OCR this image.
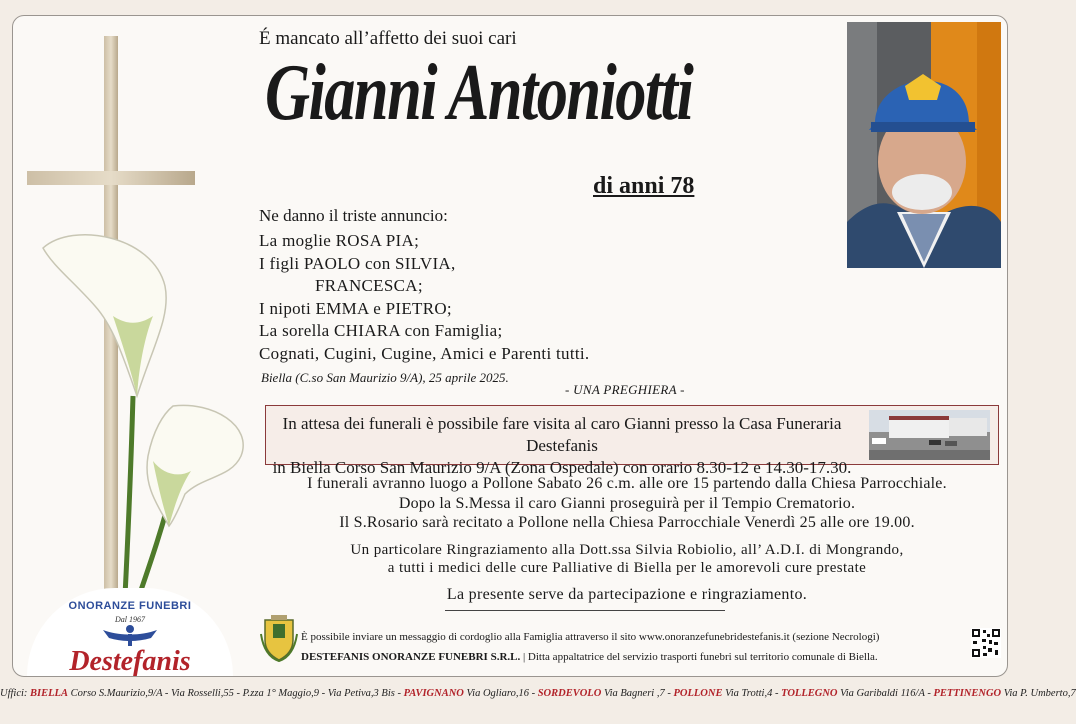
É mancato all’affetto dei suoi cari
Gianni Antoniotti
di anni 78
Ne danno il triste annuncio:
La moglie ROSA PIA;
I figli PAOLO con SILVIA,
FRANCESCA;
I nipoti EMMA e PIETRO;
La sorella CHIARA con Famiglia;
Cognati, Cugini, Cugine, Amici e Parenti tutti.
Biella (C.so San Maurizio 9/A), 25 aprile 2025.
- UNA PREGHIERA -
In attesa dei funerali è possibile fare visita al caro Gianni presso la Casa Funeraria Destefanis
in Biella Corso San Maurizio 9/A (Zona Ospedale) con orario 8.30-12 e 14.30-17.30.
I funerali avranno luogo a Pollone Sabato 26 c.m. alle ore 15 partendo dalla Chiesa Parrocchiale.
Dopo la S.Messa il caro Gianni proseguirà per il Tempio Crematorio.
Il S.Rosario sarà recitato a Pollone nella Chiesa Parrocchiale Venerdì 25 alle ore 19.00.
Un particolare Ringraziamento alla Dott.ssa Silvia Robiolio, all’ A.D.I. di Mongrando,
a tutti i medici delle cure Palliative di Biella per le amorevoli cure prestate
La presente serve da partecipazione e ringraziamento.
È possibile inviare un messaggio di cordoglio alla Famiglia attraverso il sito www.onoranzefunebridestefanis.it (sezione Necrologi)
DESTEFANIS ONORANZE FUNEBRI S.R.L. | Ditta appaltatrice del servizio trasporti funebri sul territorio comunale di Biella.
ONORANZE FUNEBRI
Dal 1967
Destefanis
Uffici: BIELLA Corso S.Maurizio,9/A - Via Rosselli,55 - P.zza 1° Maggio,9 - Via Petiva,3 Bis - PAVIGNANO Via Ogliaro,16 - SORDEVOLO Via Bagneri ,7 - POLLONE Via Trotti,4 - TOLLEGNO Via Garibaldi 116/A - PETTINENGO Via P. Umberto,7
